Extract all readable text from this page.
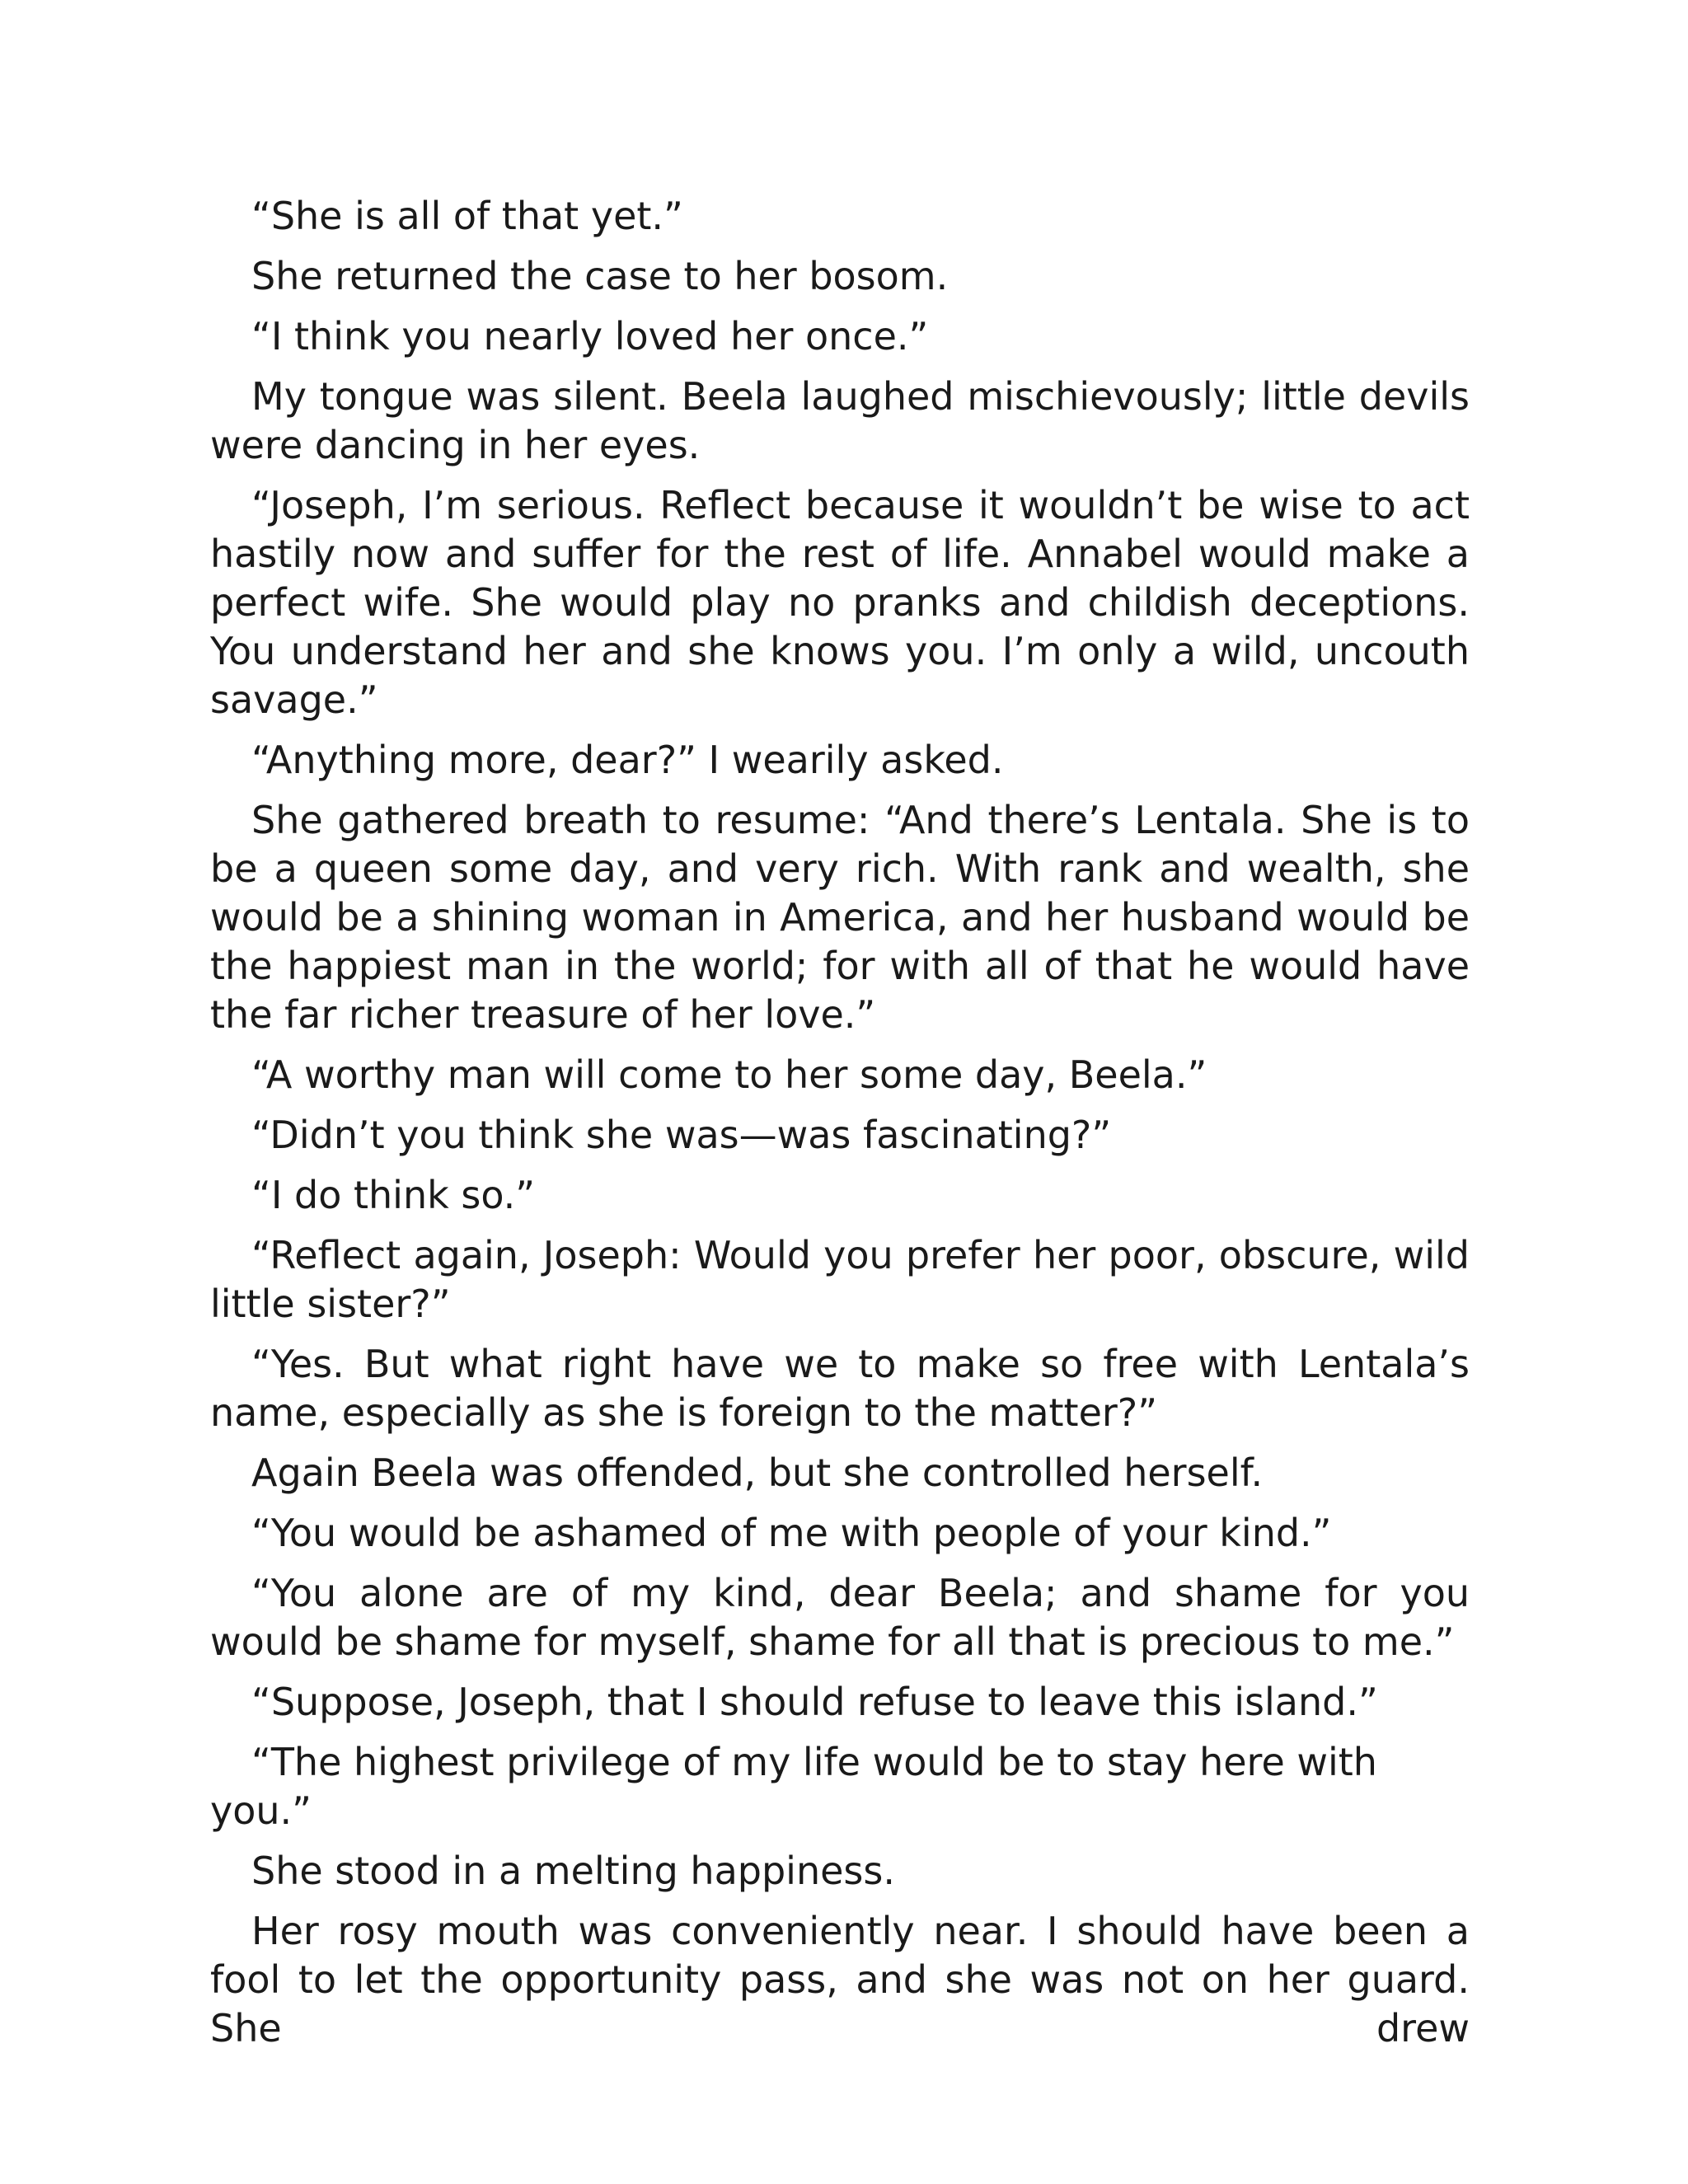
“She is all of that yet.”

She returned the case to her bosom.

“I think you nearly loved her once.”

My tongue was silent. Beela laughed mischievously; little devils were dancing in her eyes.

“Joseph, I’m serious. Reflect because it wouldn’t be wise to act hastily now and suffer for the rest of life. Annabel would make a perfect wife. She would play no pranks and childish deceptions. You understand her and she knows you. I’m only a wild, uncouth savage.”

“Anything more, dear?” I wearily asked.

She gathered breath to resume: “And there’s Lentala. She is to be a queen some day, and very rich. With rank and wealth, she would be a shining woman in America, and her husband would be the happiest man in the world; for with all of that he would have the far richer treasure of her love.”

“A worthy man will come to her some day, Beela.”

“Didn’t you think she was—was fascinating?”

“I do think so.”

“Reflect again, Joseph: Would you prefer her poor, obscure, wild little sister?”

“Yes. But what right have we to make so free with Lentala’s name, especially as she is foreign to the matter?”

Again Beela was offended, but she controlled herself.

“You would be ashamed of me with people of your kind.”

“You alone are of my kind, dear Beela; and shame for you would be shame for myself, shame for all that is precious to me.”

“Suppose, Joseph, that I should refuse to leave this island.”

“The highest privilege of my life would be to stay here with you.”

She stood in a melting happiness.

Her rosy mouth was conveniently near. I should have been a fool to let the opportunity pass, and she was not on her guard. She drew
